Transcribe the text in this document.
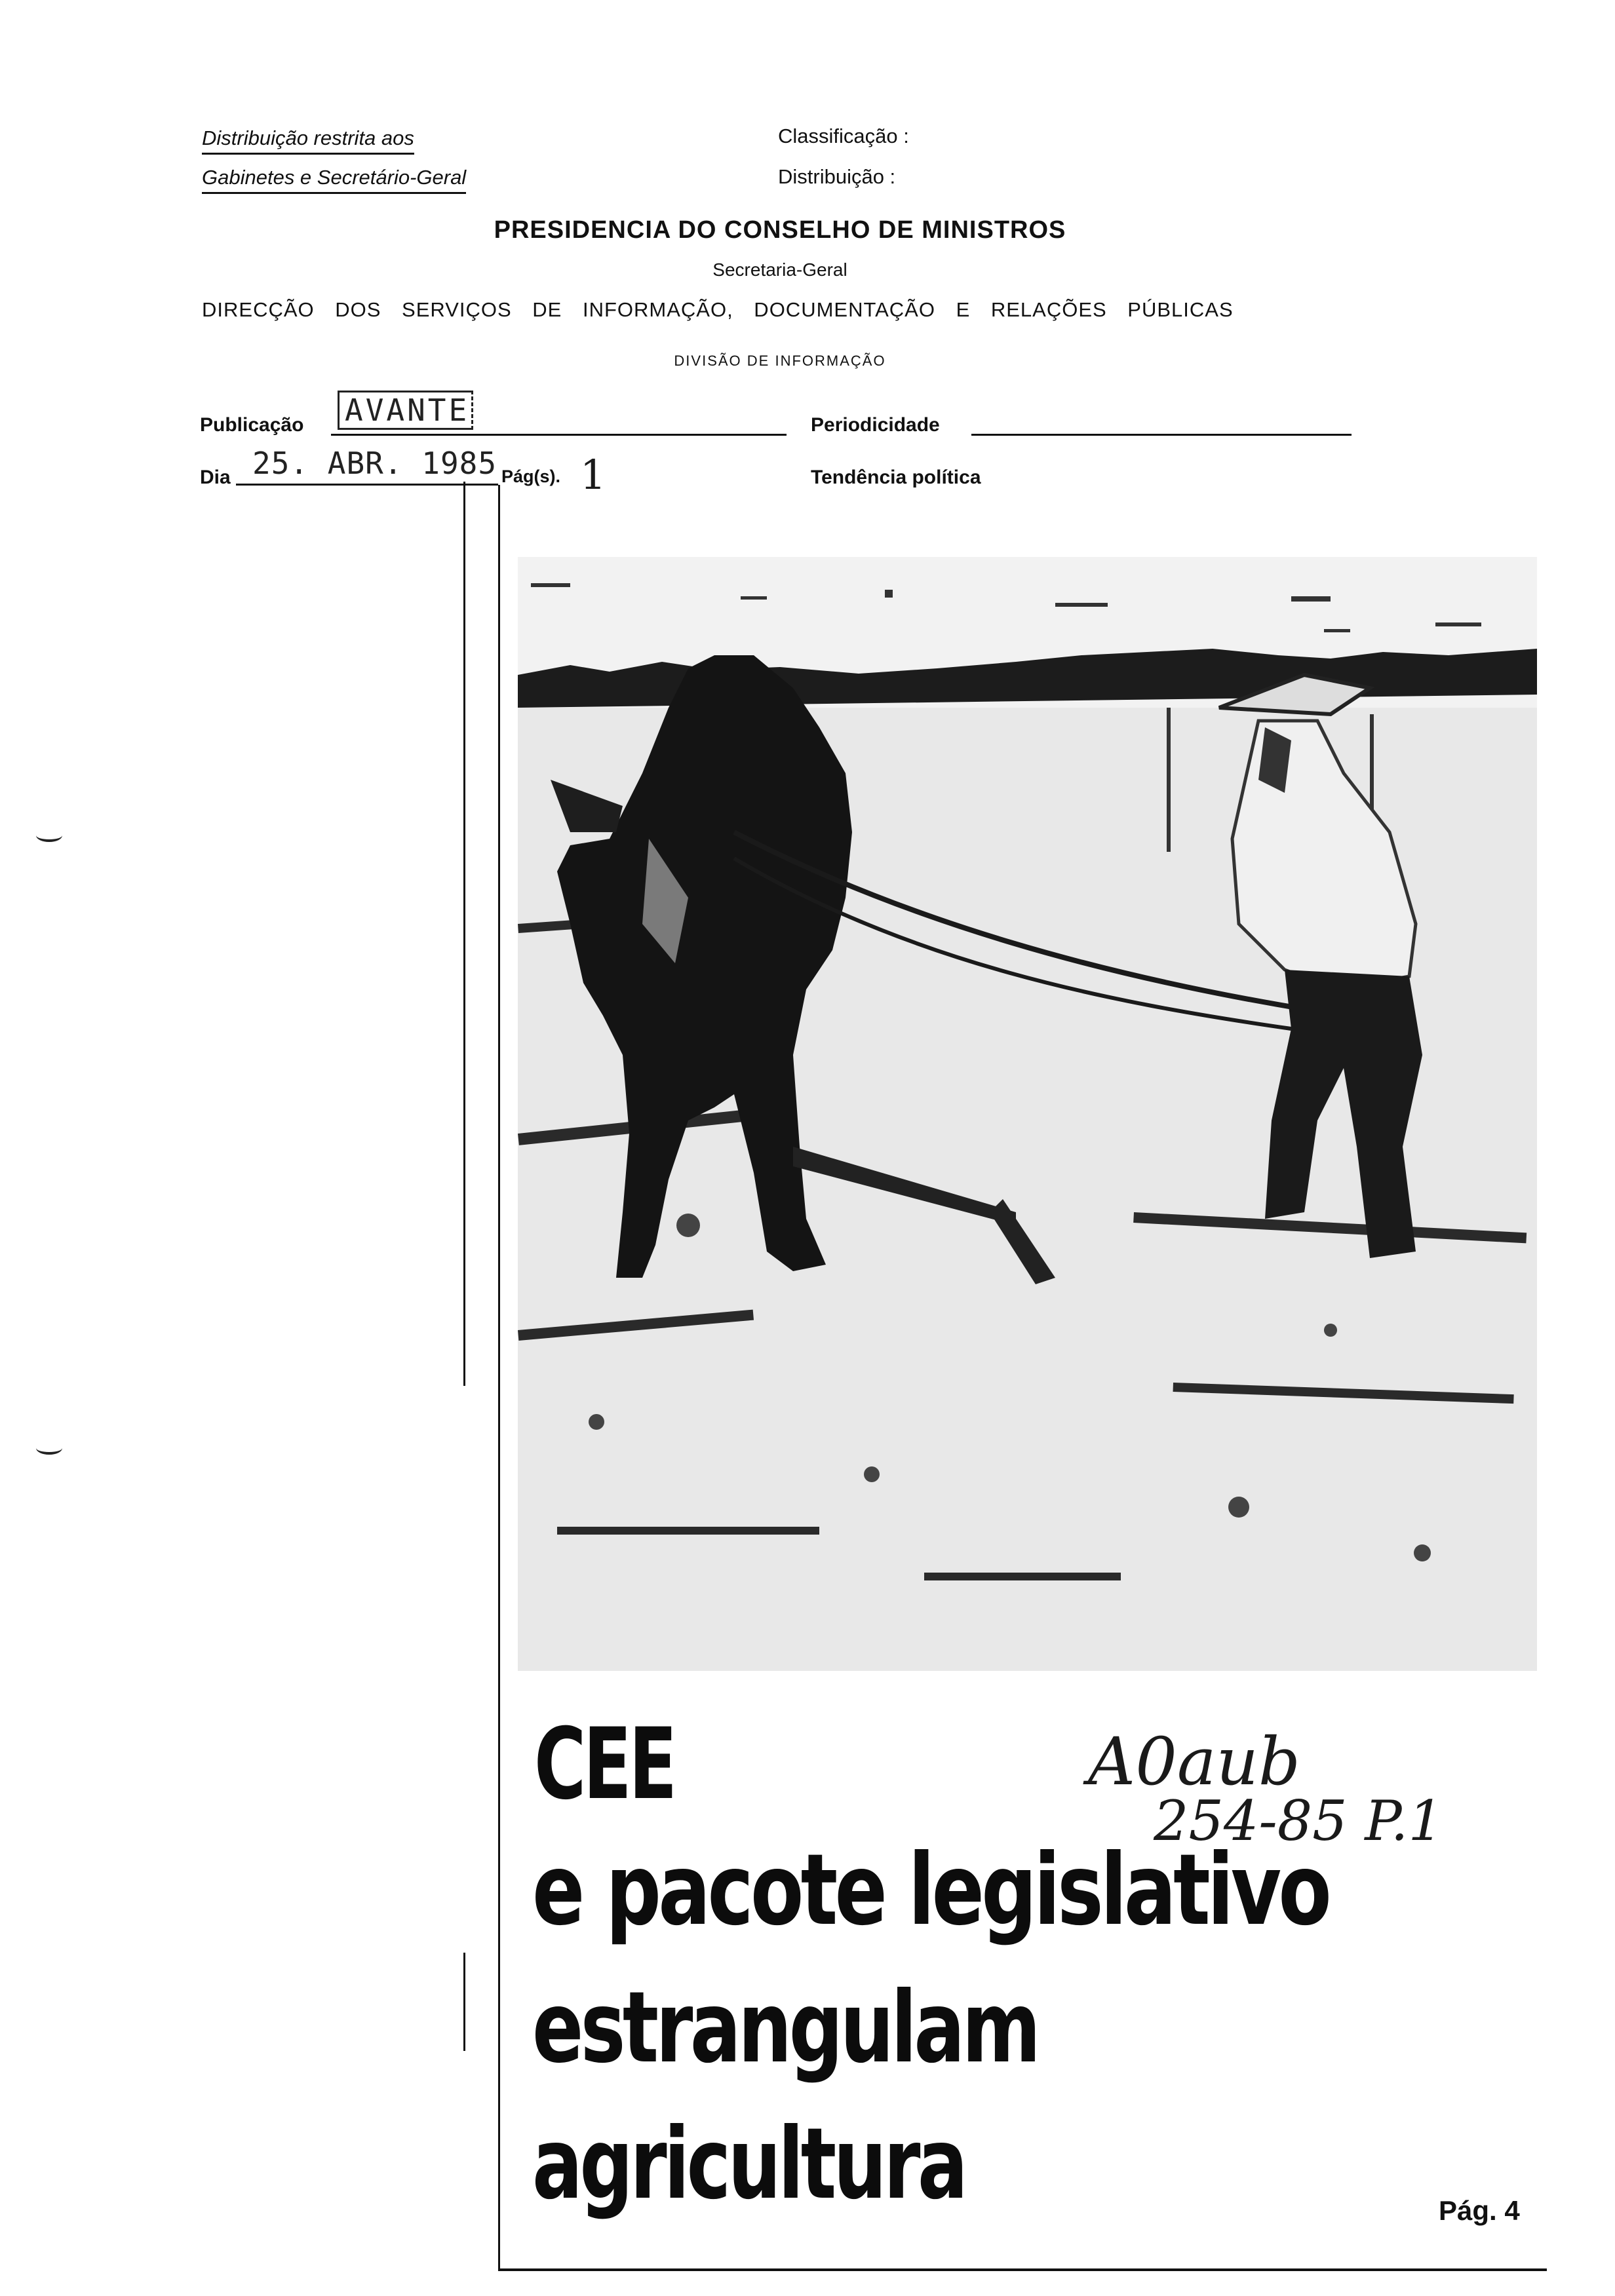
Distribuição restrita aos
Gabinetes e Secretário-Geral
Classificação :
Distribuição :
PRESIDENCIA DO CONSELHO DE MINISTROS
Secretaria-Geral
DIRECÇÃO DOS SERVIÇOS DE INFORMAÇÃO, DOCUMENTAÇÃO E RELAÇÕES PÚBLICAS
DIVISÃO DE INFORMAÇÃO
Publicação AVANTE	Periodicidade
Dia 25. ABR. 1985 Pág(s). 1	Tendência política
CEE
e pacote legislativo
estrangulam
agricultura	Pág. 4
A0aub
254-85 P.1
